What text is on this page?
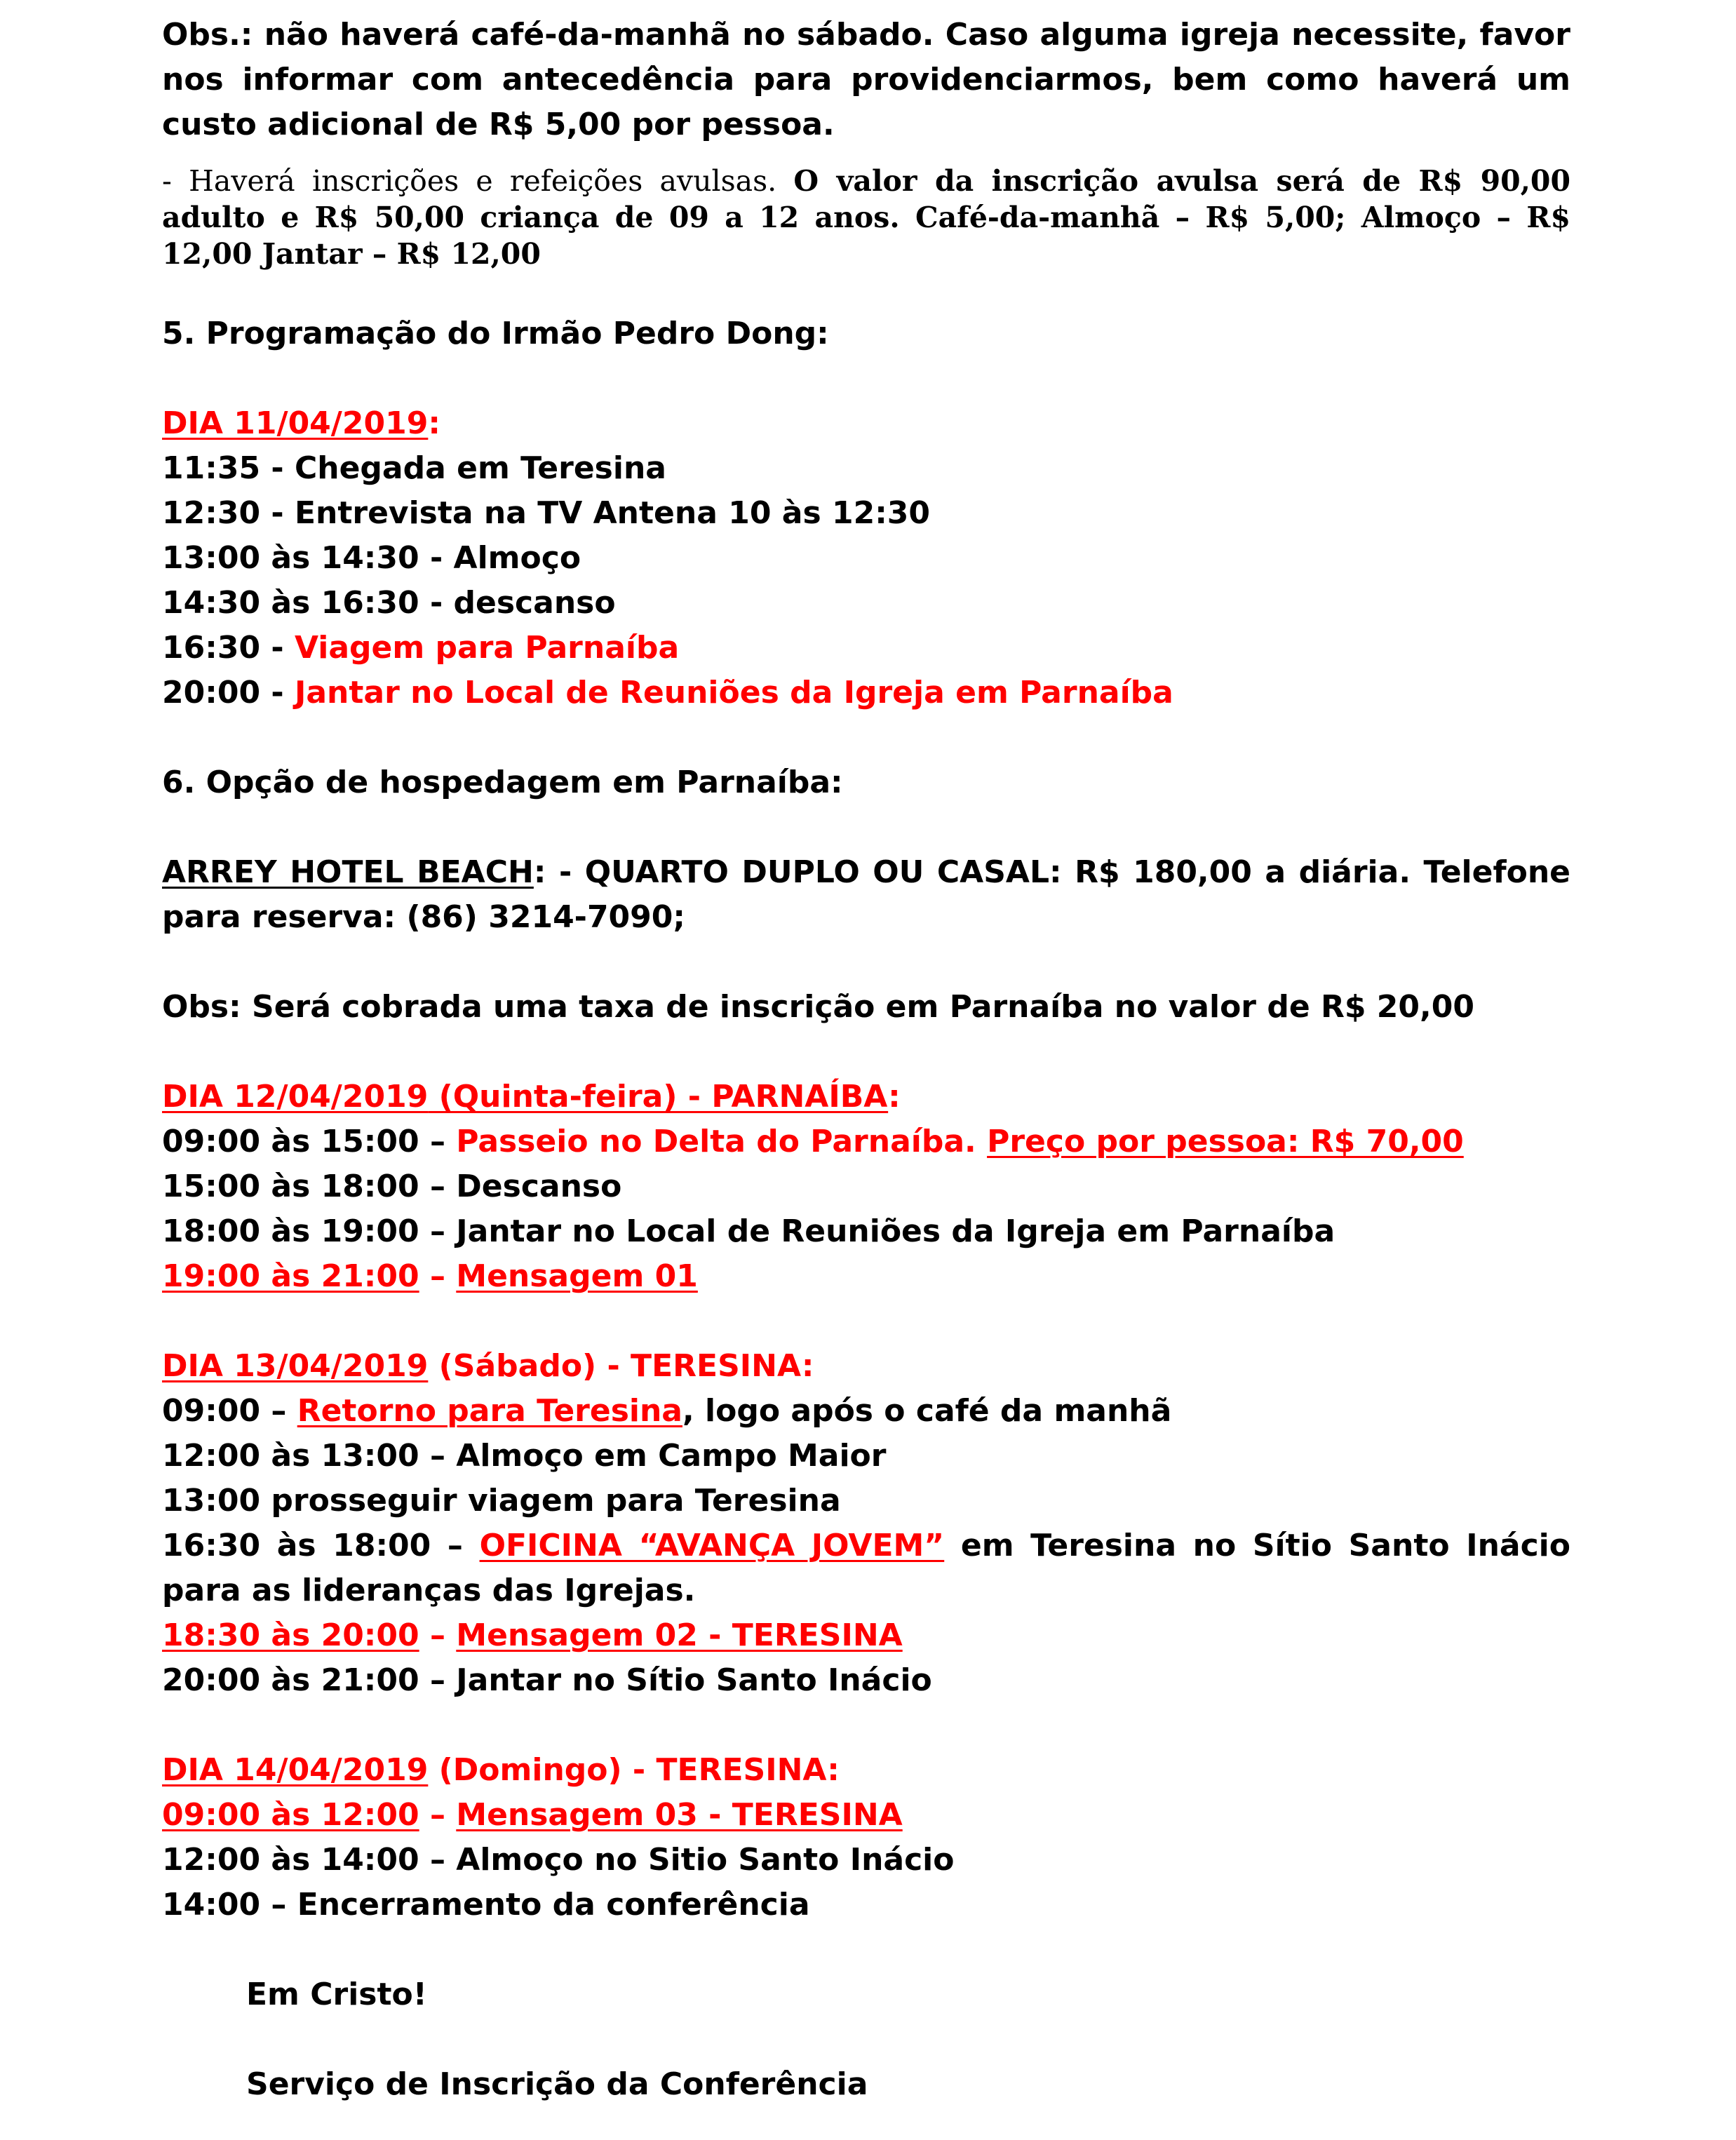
Obs.: não haverá café-da-manhã no sábado. Caso alguma igreja necessite, favor nos informar com antecedência para providenciarmos, bem como haverá um custo adicional de R$ 5,00 por pessoa.

- Haverá inscrições e refeições avulsas. O valor da inscrição avulsa será de R$ 90,00 adulto e R$ 50,00 criança de 09 a 12 anos. Café-da-manhã – R$ 5,00; Almoço – R$ 12,00 Jantar – R$ 12,00

5. Programação do Irmão Pedro Dong:

DIA 11/04/2019:

11:35 - Chegada em Teresina

12:30 - Entrevista na TV Antena 10 às 12:30

13:00 às 14:30 - Almoço

14:30 às 16:30 - descanso

16:30 - Viagem para Parnaíba

20:00 - Jantar no Local de Reuniões da Igreja em Parnaíba

6. Opção de hospedagem em Parnaíba:

ARREY HOTEL BEACH: - QUARTO DUPLO OU CASAL: R$ 180,00 a diária. Telefone para reserva: (86) 3214-7090;

Obs: Será cobrada uma taxa de inscrição em Parnaíba no valor de R$ 20,00

DIA 12/04/2019 (Quinta-feira) - PARNAÍBA:

09:00 às 15:00 – Passeio no Delta do Parnaíba. Preço por pessoa: R$ 70,00

15:00 às 18:00 – Descanso

18:00 às 19:00 – Jantar no Local de Reuniões da Igreja em Parnaíba

19:00 às 21:00 – Mensagem 01

DIA 13/04/2019 (Sábado) - TERESINA:

09:00 – Retorno para Teresina, logo após o café da manhã

12:00 às 13:00 – Almoço em Campo Maior

13:00 prosseguir viagem para Teresina

16:30 às 18:00 – OFICINA “AVANÇA JOVEM” em Teresina no Sítio Santo Inácio para as lideranças das Igrejas.

18:30 às 20:00 – Mensagem 02 - TERESINA

20:00 às 21:00 – Jantar no Sítio Santo Inácio

DIA 14/04/2019 (Domingo) - TERESINA:

09:00 às 12:00 – Mensagem 03 - TERESINA

12:00 às 14:00 – Almoço no Sitio Santo Inácio

14:00 – Encerramento da conferência

Em Cristo!

Serviço de Inscrição da Conferência
